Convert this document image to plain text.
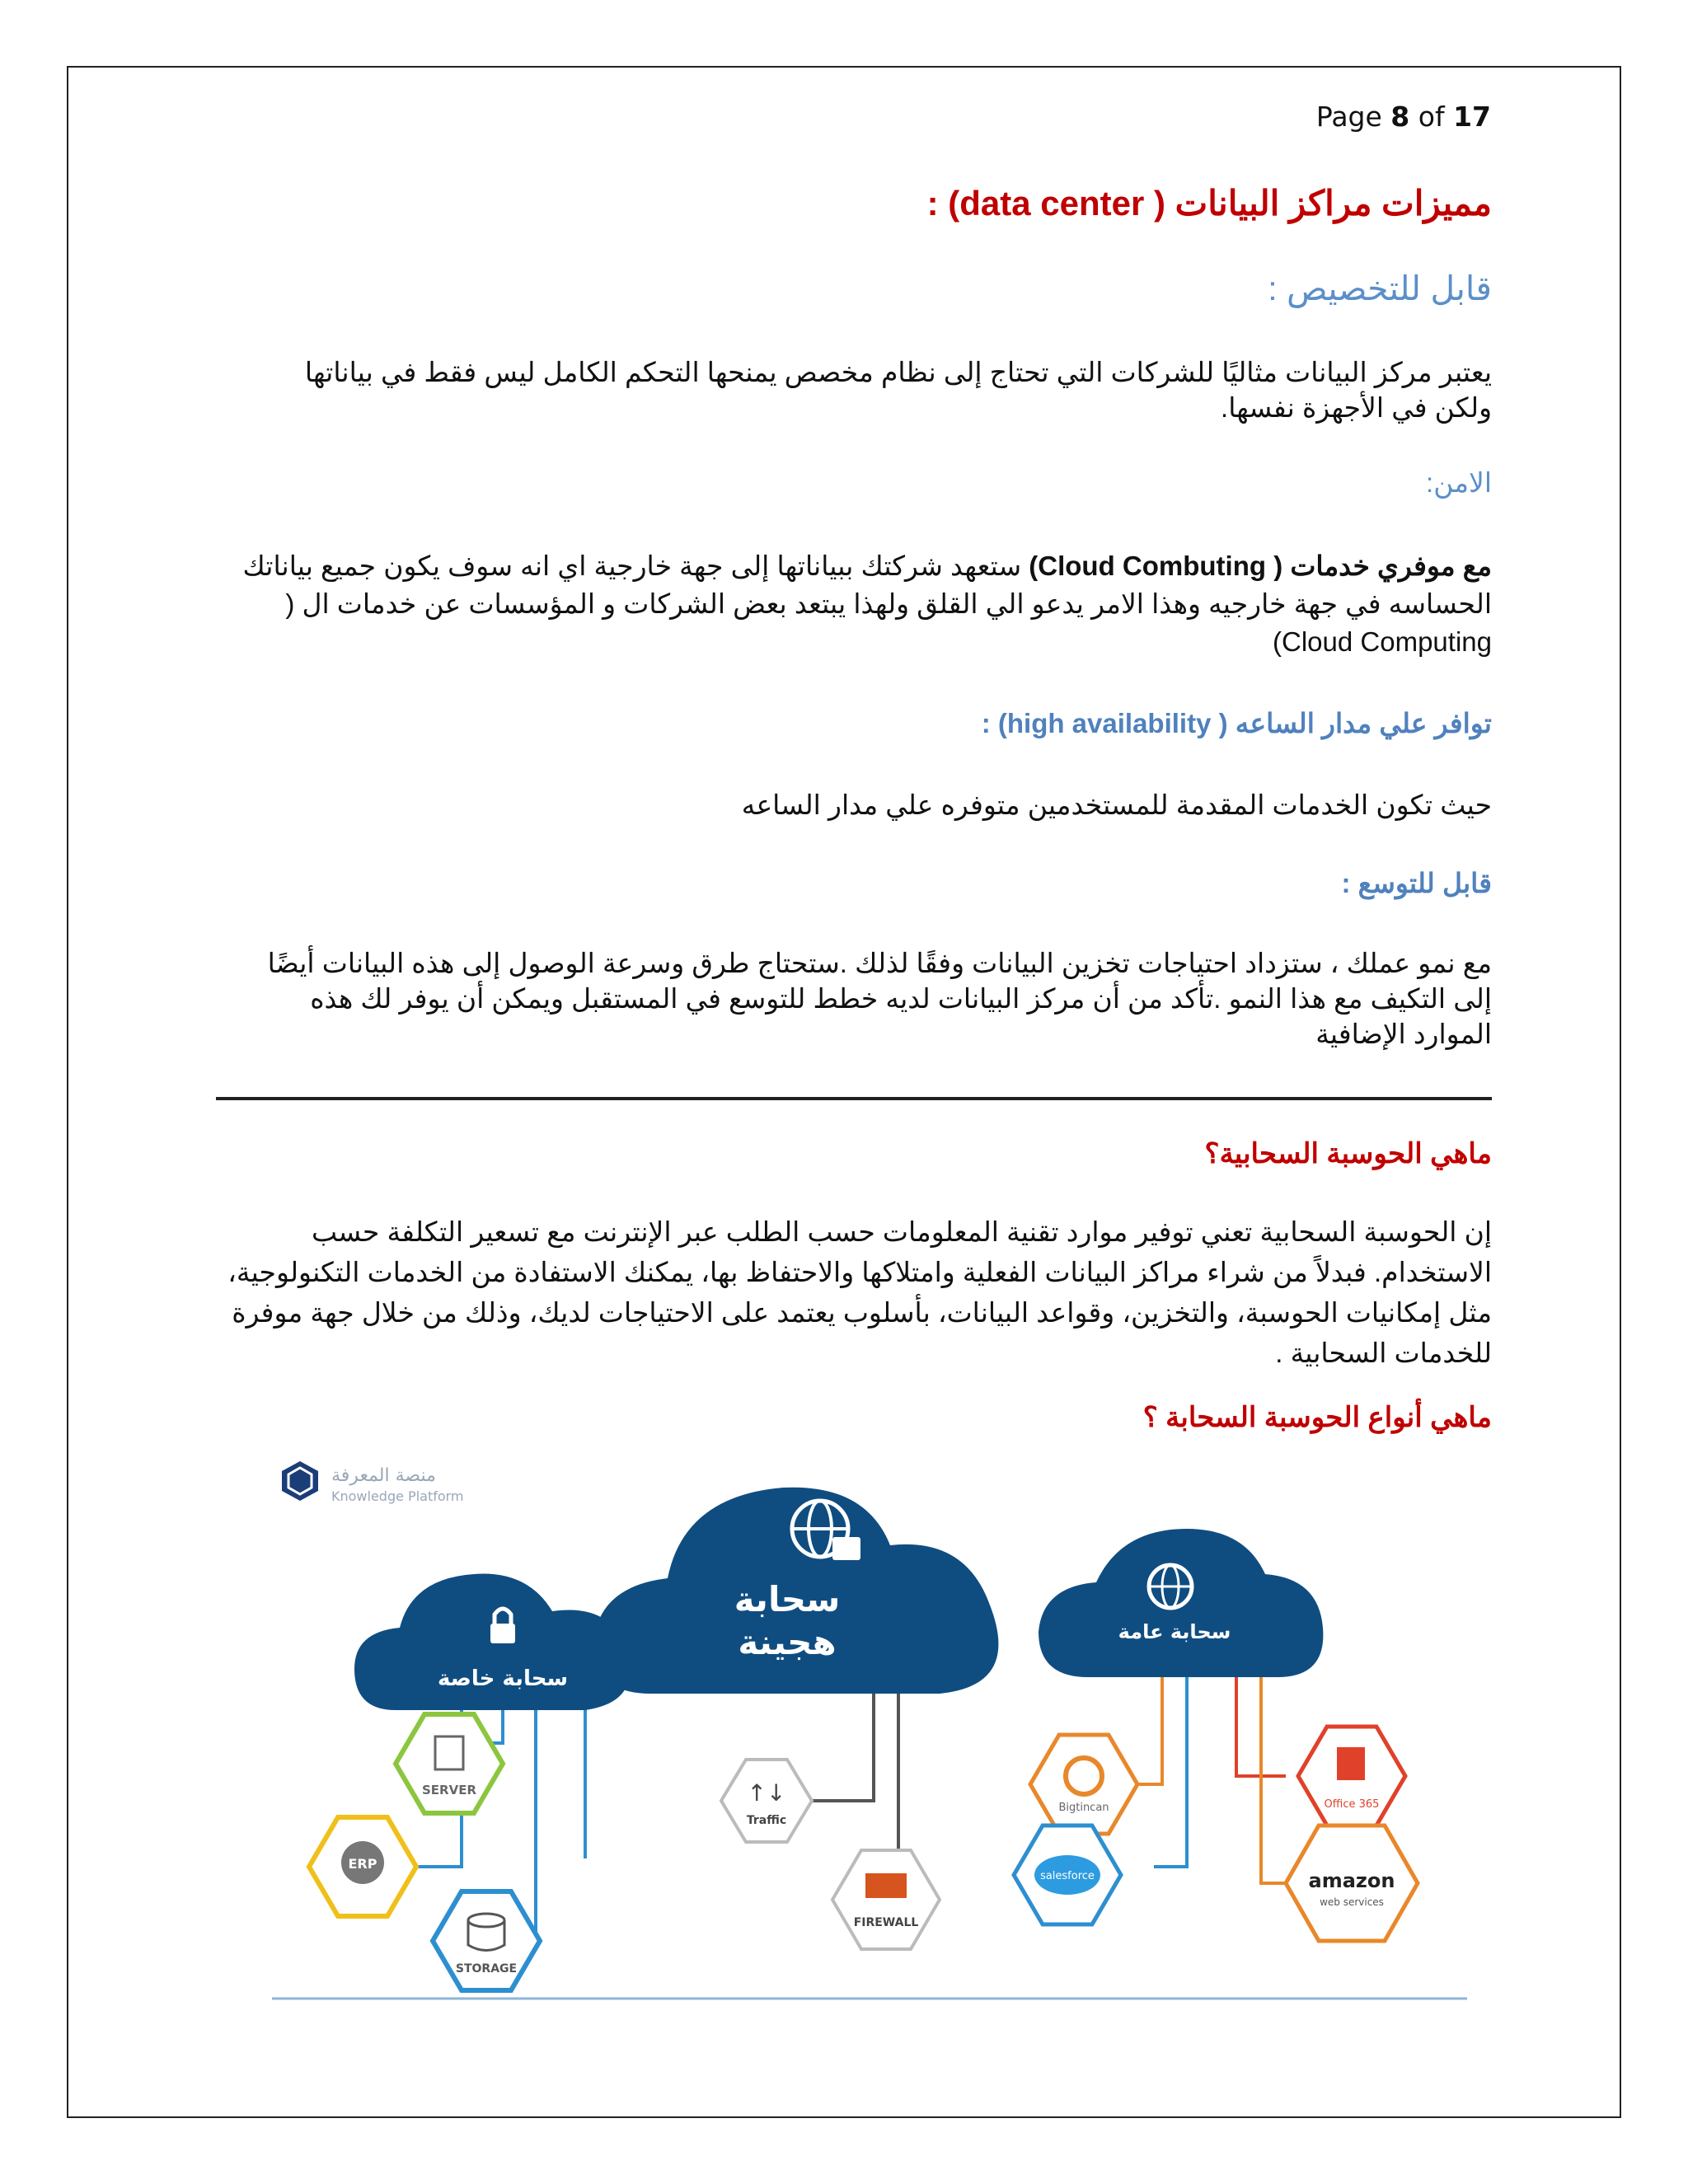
Page 8 of 17
مميزات مراكز البيانات ( data center) :
قابل للتخصيص :
يعتبر مركز البيانات مثاليًا للشركات التي تحتاج إلى نظام مخصص يمنحها التحكم الكامل ليس فقط في بياناتها ولكن في الأجهزة نفسها.
الامن:
مع موفري خدمات ( Cloud Combuting) ستعهد شركتك ببياناتها إلى جهة خارجية اي انه سوف يكون جميع بياناتك الحساسه في جهة خارجيه وهذا الامر يدعو الي القلق ولهذا يبتعد بعض الشركات و المؤسسات عن خدمات ال ( Cloud Computing)
توافر علي مدار الساعه ( high availability) :
حيث تكون الخدمات المقدمة للمستخدمين متوفره علي مدار الساعه
قابل للتوسع :
مع نمو عملك ، ستزداد احتياجات تخزين البيانات وفقًا لذلك .ستحتاج طرق وسرعة الوصول إلى هذه البيانات أيضًا إلى التكيف مع هذا النمو .تأكد من أن مركز البيانات لديه خطط للتوسع في المستقبل ويمكن أن يوفر لك هذه الموارد الإضافية
ماهي الحوسبة السحابية؟
إن الحوسبة السحابية تعني توفير موارد تقنية المعلومات حسب الطلب عبر الإنترنت مع تسعير التكلفة حسب الاستخدام. فبدلاً من شراء مراكز البيانات الفعلية وامتلاكها والاحتفاظ بها، يمكنك الاستفادة من الخدمات التكنولوجية، مثل إمكانيات الحوسبة، والتخزين، وقواعد البيانات، بأسلوب يعتمد على الاحتياجات لديك، وذلك من خلال جهة موفرة للخدمات السحابية .
ماهي أنواع الحوسبة السحابة ؟
منصة المعرفة
Knowledge Platform
سحابة خاصة
سحابة
هجينة	سحابة عامة
SERVER
ERP
STORAGE
↑↓
Traffic
FIREWALL
Bigtincan
salesforce
Office 365
amazon
web services
